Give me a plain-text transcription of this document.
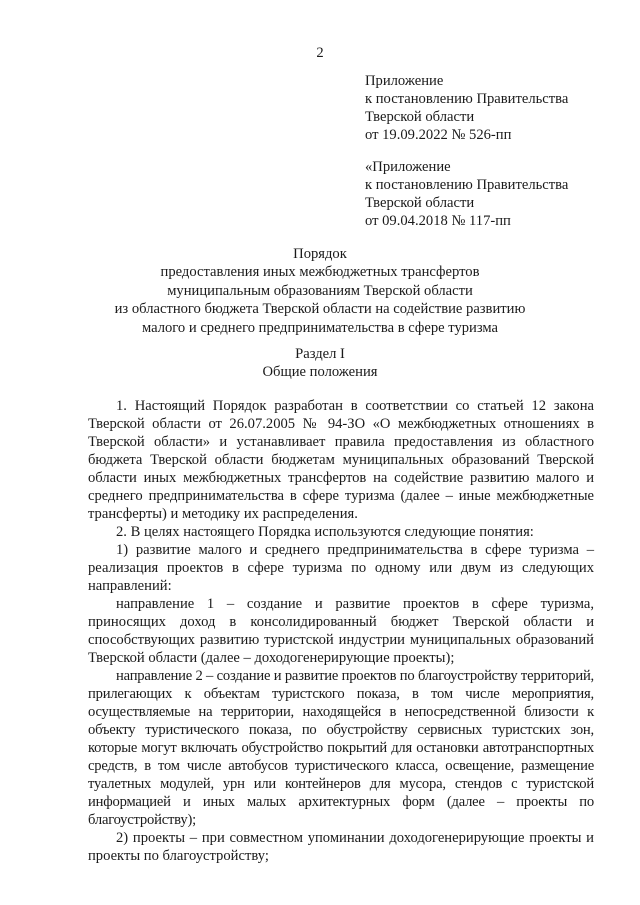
2
Приложение
к постановлению Правительства
Тверской области
от 19.09.2022 № 526-пп
«Приложение
к постановлению Правительства
Тверской области
от 09.04.2018 № 117-пп
Порядок
предоставления иных межбюджетных трансфертов
муниципальным образованиям Тверской области
из областного бюджета Тверской области на содействие развитию
малого и среднего предпринимательства в сфере туризма
Раздел I
Общие положения

1. Настоящий Порядок разработан в соответствии со статьей 12 закона Тверской области от 26.07.2005 № 94-ЗО «О межбюджетных отношениях в Тверской области» и устанавливает правила предоставления из областного бюджета Тверской области бюджетам муниципальных образований Тверской области иных межбюджетных трансфертов на содействие развитию малого и среднего предпринимательства в сфере туризма (далее – иные межбюджетные трансферты) и методику их распределения.

2. В целях настоящего Порядка используются следующие понятия:

1) развитие малого и среднего предпринимательства в сфере туризма – реализация проектов в сфере туризма по одному или двум из следующих направлений:

направление 1 – создание и развитие проектов в сфере туризма, приносящих доход в консолидированный бюджет Тверской области и способствующих развитию туристской индустрии муниципальных образований Тверской области (далее – доходогенерирующие проекты);

направление 2 – создание и развитие проектов по благоустройству территорий, прилегающих к объектам туристского показа, в том числе мероприятия, осуществляемые на территории, находящейся в непосредственной близости к объекту туристического показа, по обустройству сервисных туристских зон, которые могут включать обустройство покрытий для остановки автотранспортных средств, в том числе автобусов туристического класса, освещение, размещение туалетных модулей, урн или контейнеров для мусора, стендов с туристской информацией и иных малых архитектурных форм (далее – проекты по благоустройству);

2) проекты – при совместном упоминании доходогенерирующие проекты и проекты по благоустройству;
